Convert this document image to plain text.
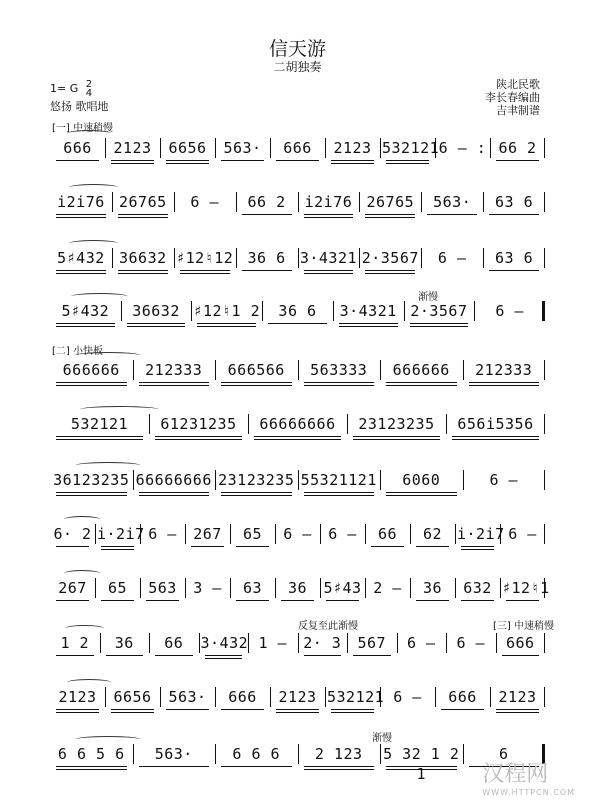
信天游
二胡独奏
1= G 2
4
悠扬 歌唱地
陕北民歌
李长春编曲
吉聿制谱
[一] 中速稍慢
[二] 小快板
[三] 中速稍慢
渐慢
渐慢
反复至此渐慢
666	2123	6656	563·	666	2123 532121 6 — : 66 2
i2i76 26765	6 —	66 2	i2i76 26765	563·	63 6
5♯432 36632 ♯12♮12 36 6 3·4321 2·3567	6 —	63 6
5♯432	36632 ♯12♮1 2	36 6	3·4321 2·3567	6 —
666666	212333	666566	563333	666666	212333
532121	61231235	66666666	23123235	656i5356
36123235 66666666 23123235 55321121	6060	6 —
6· 2 i·2i7 6 —	267	65	6 —	6 —	66	62 i·2i7 6 —
267	65	563	3 —	63	36	5♯43 2 —	36	632 ♯12♮1
1 2	36	66	3·432 1 —	2· 3	567	6 —	6 —	666
2123	6656	563·	666	2123 532121 6 —	666	2123
6 6 5 6	563·	6 6 6	2 123	5 32 1 2 1
6
汉程网
WWW.HTTPCN.COM
